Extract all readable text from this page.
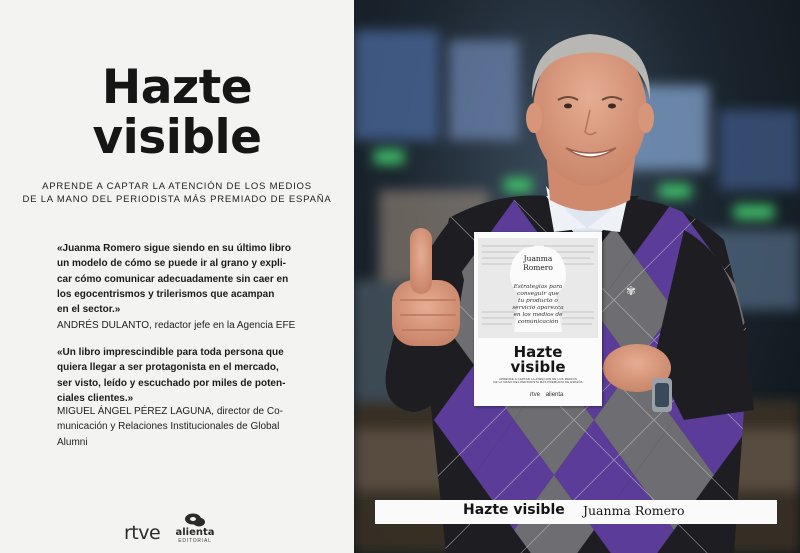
Hazte
visible
APRENDE A CAPTAR LA ATENCIÓN DE LOS MEDIOS
DE LA MANO DEL PERIODISTA MÁS PREMIADO DE ESPAÑA
«Juanma Romero sigue siendo en su último libro
un modelo de cómo se puede ir al grano y expli-
car cómo comunicar adecuadamente sin caer en
los egocentrismos y trilerismos que acampan
en el sector.»
ANDRÉS DULANTO, redactor jefe en la Agencia EFE
«Un libro imprescindible para toda persona que
quiera llegar a ser protagonista en el mercado,
ser visto, leído y escuchado por miles de poten-
ciales clientes.»
MIGUEL ÁNGEL PÉREZ LAGUNA, director de Co-
municación y Relaciones Institucionales de Global
Alumni
rtve alienta
EDITORIAL
✾
Juanma
Romero
Estrategias para
conseguir que
tu producto o
servicio aparezca
en los medios de
comunicación
Hazte
visible
APRENDE A CAPTAR LA ATENCIÓN DE LOS MEDIOS
DE LA MANO DEL PERIODISTA MÁS PREMIADO DE ESPAÑA
rtve alienta
Hazte visible Juanma Romero
